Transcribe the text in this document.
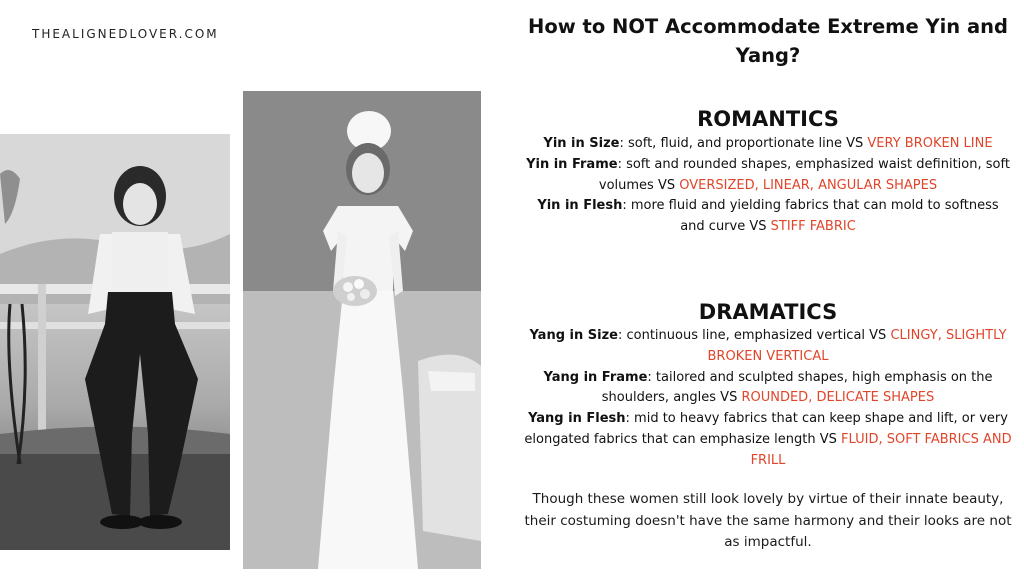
THEALIGNEDLOVER.COM	How to NOT Accommodate Extreme Yin and Yang?
ROMANTICS

Yin in Size: soft, fluid, and proportionate line VS VERY BROKEN LINE

Yin in Frame: soft and rounded shapes, emphasized waist definition, soft volumes VS OVERSIZED, LINEAR, ANGULAR SHAPES

Yin in Flesh: more fluid and yielding fabrics that can mold to softness and curve VS STIFF FABRIC

DRAMATICS

Yang in Size: continuous line, emphasized vertical VS CLINGY, SLIGHTLY BROKEN VERTICAL

Yang in Frame: tailored and sculpted shapes, high emphasis on the shoulders, angles VS ROUNDED, DELICATE SHAPES

Yang in Flesh: mid to heavy fabrics that can keep shape and lift, or very elongated fabrics that can emphasize length VS FLUID, SOFT FABRICS AND FRILL

Though these women still look lovely by virtue of their innate beauty, their costuming doesn't have the same harmony and their looks are not as impactful.
